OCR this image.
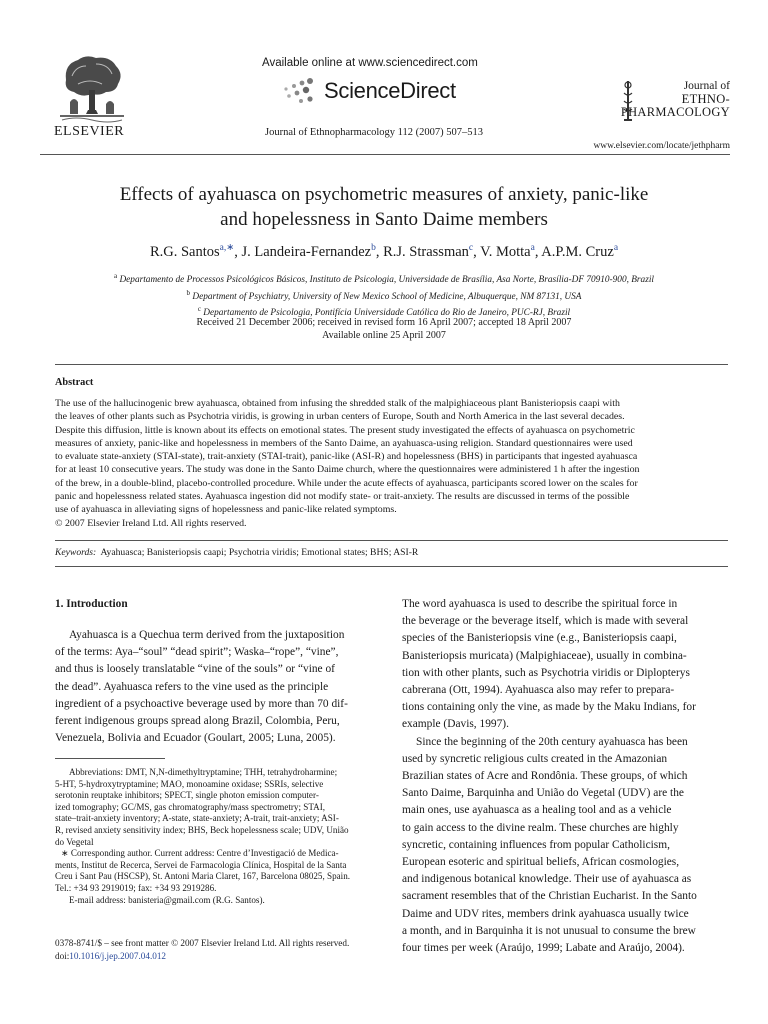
ELSEVIER
Available online at www.sciencedirect.com
ScienceDirect
Journal of Ethnopharmacology 112 (2007) 507–513
Journal of
ETHNO-
PHARMACOLOGY
www.elsevier.com/locate/jethpharm
Effects of ayahuasca on psychometric measures of anxiety, panic-like
and hopelessness in Santo Daime members
R.G. Santos$^{a,∗}$, J. Landeira-Fernandez$^b$, R.J. Strassman$^c$, V. Motta$^a$, A.P.M. Cruz$^a$
$^a$ Departamento de Processos Psicológicos Básicos, Instituto de Psicologia, Universidade de Brasília, Asa Norte, Brasília-DF 70910-900, Brazil
$^b$ Department of Psychiatry, University of New Mexico School of Medicine, Albuquerque, NM 87131, USA
$^c$ Departamento de Psicologia, Pontifícia Universidade Católica do Rio de Janeiro, PUC-RJ, Brazil
Received 21 December 2006; received in revised form 16 April 2007; accepted 18 April 2007
Available online 25 April 2007
Abstract
The use of the hallucinogenic brew ayahuasca, obtained from infusing the shredded stalk of the malpighiaceous plant Banisteriopsis caapi with
the leaves of other plants such as Psychotria viridis, is growing in urban centers of Europe, South and North America in the last several decades.
Despite this diffusion, little is known about its effects on emotional states. The present study investigated the effects of ayahuasca on psychometric
measures of anxiety, panic-like and hopelessness in members of the Santo Daime, an ayahuasca-using religion. Standard questionnaires were used
to evaluate state-anxiety (STAI-state), trait-anxiety (STAI-trait), panic-like (ASI-R) and hopelessness (BHS) in participants that ingested ayahuasca
for at least 10 consecutive years. The study was done in the Santo Daime church, where the questionnaires were administered 1 h after the ingestion
of the brew, in a double-blind, placebo-controlled procedure. While under the acute effects of ayahuasca, participants scored lower on the scales for
panic and hopelessness related states. Ayahuasca ingestion did not modify state- or trait-anxiety. The results are discussed in terms of the possible
use of ayahuasca in alleviating signs of hopelessness and panic-like related symptoms.
© 2007 Elsevier Ireland Ltd. All rights reserved.
Keywords: Ayahuasca; Banisteriopsis caapi; Psychotria viridis; Emotional states; BHS; ASI-R
1. Introduction
Ayahuasca is a Quechua term derived from the juxtaposition
of the terms: Aya–“soul” “dead spirit”; Waska–“rope”, “vine”,
and thus is loosely translatable “vine of the souls” or “vine of
the dead”. Ayahuasca refers to the vine used as the principle
ingredient of a psychoactive beverage used by more than 70 dif-
ferent indigenous groups spread along Brazil, Colombia, Peru,
Venezuela, Bolivia and Ecuador (Goulart, 2005; Luna, 2005).
The word ayahuasca is used to describe the spiritual force in
the beverage or the beverage itself, which is made with several
species of the Banisteriopsis vine (e.g., Banisteriopsis caapi,
Banisteriopsis muricata) (Malpighiaceae), usually in combina-
tion with other plants, such as Psychotria viridis or Diplopterys
cabrerana (Ott, 1994). Ayahuasca also may refer to prepara-
tions containing only the vine, as made by the Maku Indians, for
example (Davis, 1997).
Since the beginning of the 20th century ayahuasca has been
used by syncretic religious cults created in the Amazonian
Brazilian states of Acre and Rondônia. These groups, of which
Santo Daime, Barquinha and União do Vegetal (UDV) are the
main ones, use ayahuasca as a healing tool and as a vehicle
to gain access to the divine realm. These churches are highly
syncretic, containing influences from popular Catholicism,
European esoteric and spiritual beliefs, African cosmologies,
and indigenous botanical knowledge. Their use of ayahuasca as
sacrament resembles that of the Christian Eucharist. In the Santo
Daime and UDV rites, members drink ayahuasca usually twice
a month, and in Barquinha it is not unusual to consume the brew
four times per week (Araújo, 1999; Labate and Araújo, 2004).
Abbreviations: DMT, N,N-dimethyltryptamine; THH, tetrahydroharmine;
5-HT, 5-hydroxytryptamine; MAO, monoamine oxidase; SSRIs, selective
serotonin reuptake inhibitors; SPECT, single photon emission computer-
ized tomography; GC/MS, gas chromatography/mass spectrometry; STAI,
state–trait-anxiety inventory; A-state, state-anxiety; A-trait, trait-anxiety; ASI-
R, revised anxiety sensitivity index; BHS, Beck hopelessness scale; UDV, União
do Vegetal
∗ Corresponding author. Current address: Centre d’Investigació de Medica-
ments, Institut de Recerca, Servei de Farmacologia Clínica, Hospital de la Santa
Creu i Sant Pau (HSCSP), St. Antoni Maria Claret, 167, Barcelona 08025, Spain.
Tel.: +34 93 2919019; fax: +34 93 2919286.
E-mail address: banisteria@gmail.com (R.G. Santos).
0378-8741/$ – see front matter © 2007 Elsevier Ireland Ltd. All rights reserved.
doi:10.1016/j.jep.2007.04.012
